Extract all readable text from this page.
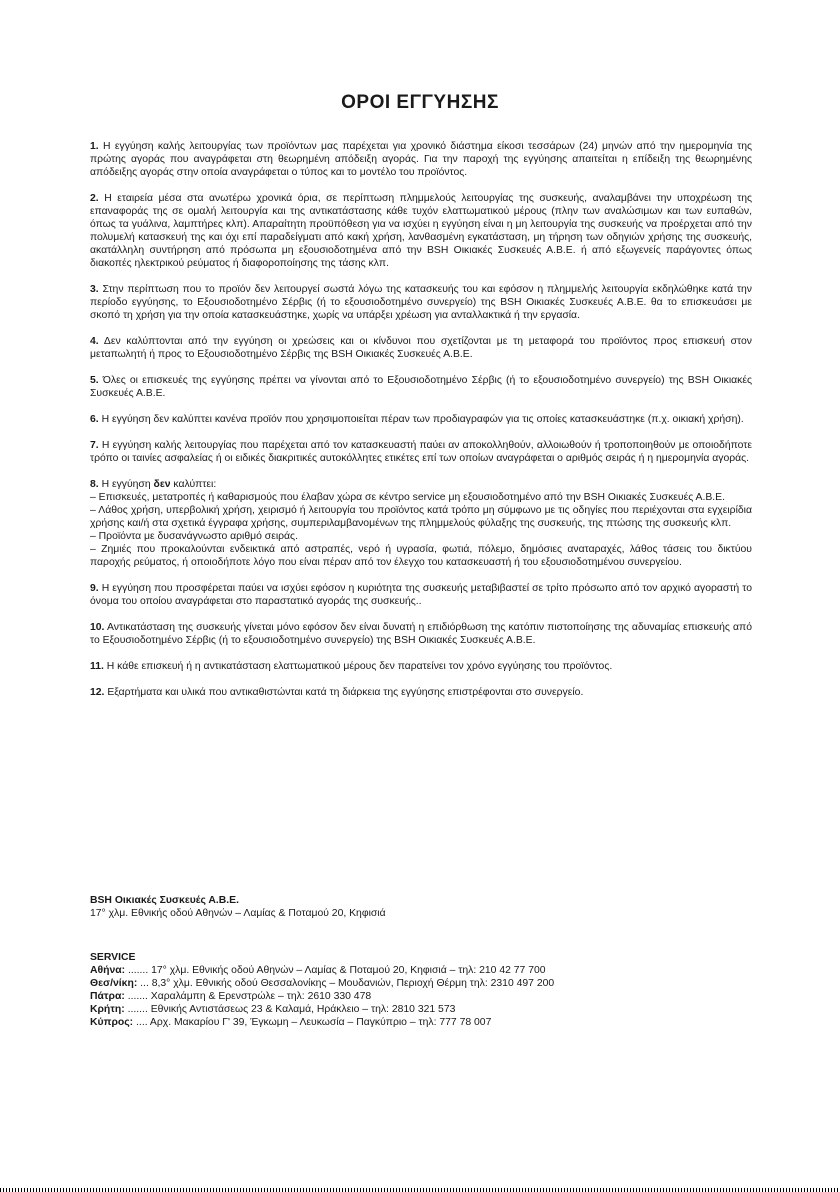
ΟΡΟΙ ΕΓΓΥΗΣΗΣ

1. Η εγγύηση καλής λειτουργίας των προϊόντων μας παρέχεται για χρονικό διάστημα είκοσι τεσσάρων (24) μηνών από την ημερομηνία της πρώτης αγοράς που αναγράφεται στη θεωρημένη απόδειξη αγοράς. Για την παροχή της εγγύησης απαιτείται η επίδειξη της θεωρημένης απόδειξης αγοράς στην οποία αναγράφεται ο τύπος και το μοντέλο του προϊόντος.

2. Η εταιρεία μέσα στα ανωτέρω χρονικά όρια, σε περίπτωση πλημμελούς λειτουργίας της συσκευής, αναλαμβάνει την υποχρέωση της επαναφοράς της σε ομαλή λειτουργία και της αντικατάστασης κάθε τυχόν ελαττωματικού μέρους (πλην των αναλώσιμων και των ευπαθών, όπως τα γυάλινα, λαμπτήρες κλπ). Απαραίτητη προϋπόθεση για να ισχύει η εγγύηση είναι η μη λειτουργία της συσκευής να προέρχεται από την πολυμελή κατασκευή της και όχι επί παραδείγματι από κακή χρήση, λανθασμένη εγκατάσταση, μη τήρηση των οδηγιών χρήσης της συσκευής, ακατάλληλη συντήρηση από πρόσωπα μη εξουσιοδοτημένα από την BSH Οικιακές Συσκευές Α.Β.Ε. ή από εξωγενείς παράγοντες όπως διακοπές ηλεκτρικού ρεύματος ή διαφοροποίησης της τάσης κλπ.

3. Στην περίπτωση που το προϊόν δεν λειτουργεί σωστά λόγω της κατασκευής του και εφόσον η πλημμελής λειτουργία εκδηλώθηκε κατά την περίοδο εγγύησης, το Εξουσιοδοτημένο Σέρβις (ή το εξουσιοδοτημένο συνεργείο) της BSH Οικιακές Συσκευές Α.Β.Ε. θα το επισκευάσει με σκοπό τη χρήση για την οποία κατασκευάστηκε, χωρίς να υπάρξει χρέωση για ανταλλακτικά ή την εργασία.

4. Δεν καλύπτονται από την εγγύηση οι χρεώσεις και οι κίνδυνοι που σχετίζονται με τη μεταφορά του προϊόντος προς επισκευή στον μεταπωλητή ή προς το Εξουσιοδοτημένο Σέρβις της BSH Οικιακές Συσκευές Α.Β.Ε.

5. Όλες οι επισκευές της εγγύησης πρέπει να γίνονται από το Εξουσιοδοτημένο Σέρβις (ή το εξουσιοδοτημένο συνεργείο) της BSH Οικιακές Συσκευές Α.Β.Ε.

6. Η εγγύηση δεν καλύπτει κανένα προϊόν που χρησιμοποιείται πέραν των προδιαγραφών για τις οποίες κατασκευάστηκε (π.χ. οικιακή χρήση).

7. Η εγγύηση καλής λειτουργίας που παρέχεται από τον κατασκευαστή παύει αν αποκολληθούν, αλλοιωθούν ή τροποποιηθούν με οποιοδήποτε τρόπο οι ταινίες ασφαλείας ή οι ειδικές διακριτικές αυτοκόλλητες ετικέτες επί των οποίων αναγράφεται ο αριθμός σειράς ή η ημερομηνία αγοράς.

8. Η εγγύηση δεν καλύπτει:
– Επισκευές, μετατροπές ή καθαρισμούς που έλαβαν χώρα σε κέντρο service μη εξουσιοδοτημένο από την BSH Οικιακές Συσκευές Α.Β.Ε.
– Λάθος χρήση, υπερβολική χρήση, χειρισμό ή λειτουργία του προϊόντος κατά τρόπο μη σύμφωνο με τις οδηγίες που περιέχονται στα εγχειρίδια χρήσης και/ή στα σχετικά έγγραφα χρήσης, συμπεριλαμβανομένων της πλημμελούς φύλαξης της συσκευής, της πτώσης της συσκευής κλπ.
– Προϊόντα με δυσανάγνωστο αριθμό σειράς.
– Ζημιές που προκαλούνται ενδεικτικά από αστραπές, νερό ή υγρασία, φωτιά, πόλεμο, δημόσιες αναταραχές, λάθος τάσεις του δικτύου παροχής ρεύματος, ή οποιοδήποτε λόγο που είναι πέραν από τον έλεγχο του κατασκευαστή ή του εξουσιοδοτημένου συνεργείου.

9. Η εγγύηση που προσφέρεται παύει να ισχύει εφόσον η κυριότητα της συσκευής μεταβιβαστεί σε τρίτο πρόσωπο από τον αρχικό αγοραστή το όνομα του οποίου αναγράφεται στο παραστατικό αγοράς της συσκευής..

10. Αντικατάσταση της συσκευής γίνεται μόνο εφόσον δεν είναι δυνατή η επιδιόρθωση της κατόπιν πιστοποίησης της αδυναμίας επισκευής από το Εξουσιοδοτημένο Σέρβις (ή το εξουσιοδοτημένο συνεργείο) της BSH Οικιακές Συσκευές Α.Β.Ε.

11. Η κάθε επισκευή ή η αντικατάσταση ελαττωματικού μέρους δεν παρατείνει τον χρόνο εγγύησης του προϊόντος.

12. Εξαρτήματα και υλικά που αντικαθιστώνται κατά τη διάρκεια της εγγύησης επιστρέφονται στο συνεργείο.

BSH Οικιακές Συσκευές Α.Β.Ε.
17° χλμ. Εθνικής οδού Αθηνών – Λαμίας & Ποταμού 20, Κηφισιά
SERVICE
Αθήνα: ....... 17° χλμ. Εθνικής οδού Αθηνών – Λαμίας & Ποταμού 20, Κηφισιά – τηλ: 210 42 77 700
Θεσ/νίκη: ... 8,3° χλμ. Εθνικής οδού Θεσσαλονίκης – Μουδανιών, Περιοχή Θέρμη τηλ: 2310 497 200
Πάτρα: ....... Χαραλάμπη & Ερενστρώλε – τηλ: 2610 330 478
Κρήτη: ....... Εθνικής Αντιστάσεως 23 & Καλαμά, Ηράκλειο – τηλ: 2810 321 573
Κύπρος: .... Αρχ. Μακαρίου Γ' 39, Έγκωμη – Λευκωσία – Παγκύπριο – τηλ: 777 78 007
